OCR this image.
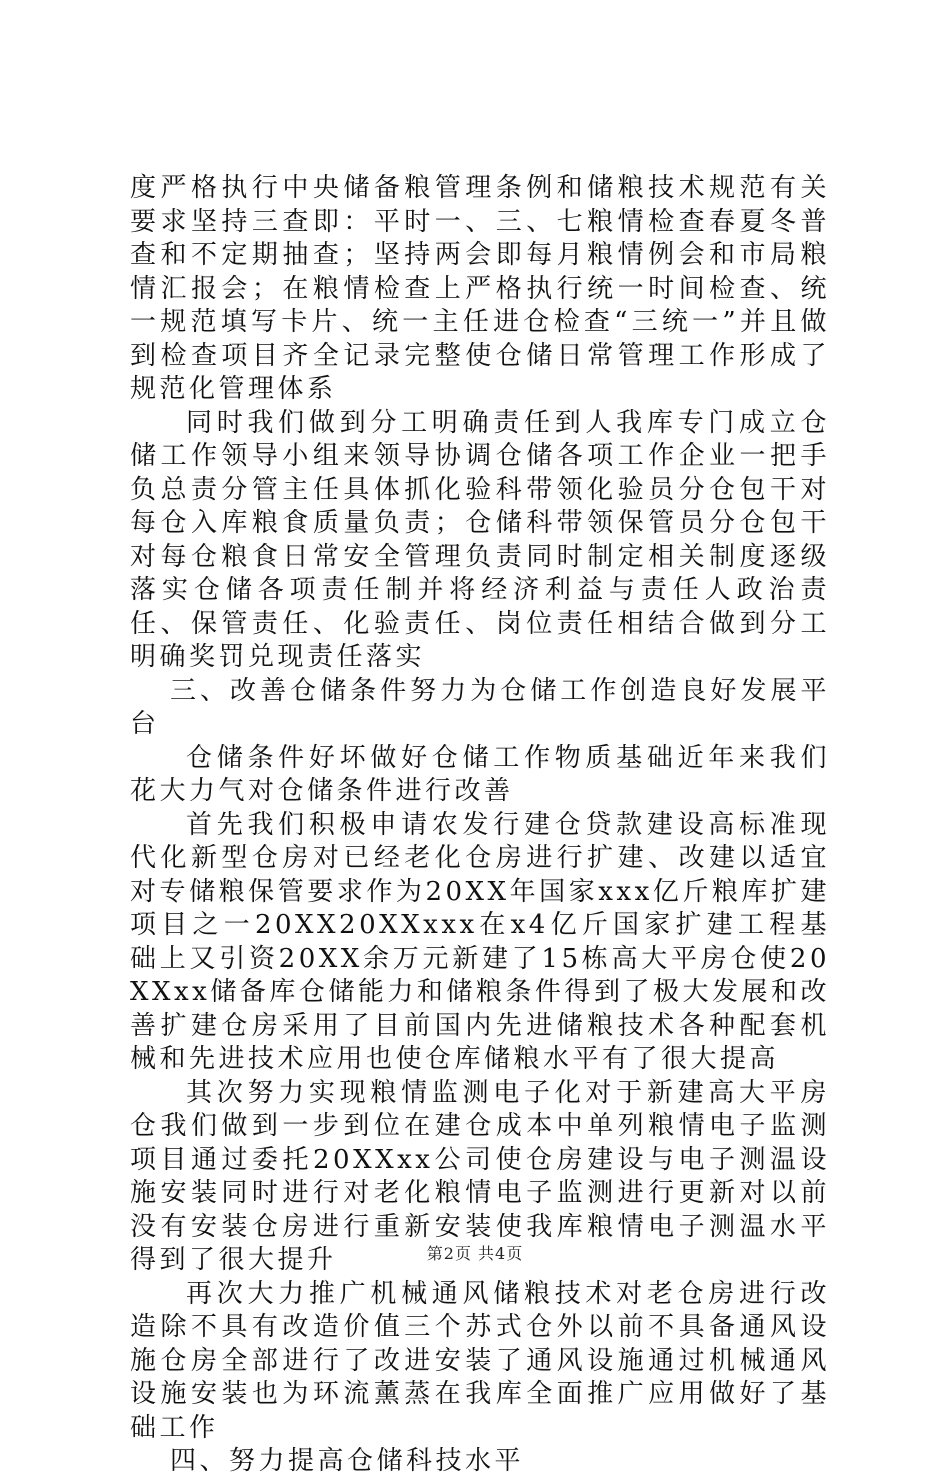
度严格执行中央储备粮管理条例和储粮技术规范有关要求坚持三查即：平时一、三、七粮情检查春夏冬普查和不定期抽查；坚持两会即每月粮情例会和市局粮情汇报会；在粮情检查上严格执行统一时间检查、统一规范填写卡片、统一主任进仓检查“三统一”并且做到检查项目齐全记录完整使仓储日常管理工作形成了规范化管理体系

同时我们做到分工明确责任到人我库专门成立仓储工作领导小组来领导协调仓储各项工作企业一把手负总责分管主任具体抓化验科带领化验员分仓包干对每仓入库粮食质量负责；仓储科带领保管员分仓包干对每仓粮食日常安全管理负责同时制定相关制度逐级落实仓储各项责任制并将经济利益与责任人政治责任、保管责任、化验责任、岗位责任相结合做到分工明确奖罚兑现责任落实

三、改善仓储条件努力为仓储工作创造良好发展平台

仓储条件好坏做好仓储工作物质基础近年来我们花大力气对仓储条件进行改善

首先我们积极申请农发行建仓贷款建设高标准现代化新型仓房对已经老化仓房进行扩建、改建以适宜对专储粮保管要求作为20XX年国家xxx亿斤粮库扩建项目之一20XX20XXxxx在x4亿斤国家扩建工程基础上又引资20XX余万元新建了15栋高大平房仓使20XXxx储备库仓储能力和储粮条件得到了极大发展和改善扩建仓房采用了目前国内先进储粮技术各种配套机械和先进技术应用也使仓库储粮水平有了很大提高

其次努力实现粮情监测电子化对于新建高大平房仓我们做到一步到位在建仓成本中单列粮情电子监测项目通过委托20XXxx公司使仓房建设与电子测温设施安装同时进行对老化粮情电子监测进行更新对以前没有安装仓房进行重新安装使我库粮情电子测温水平得到了很大提升

再次大力推广机械通风储粮技术对老仓房进行改造除不具有改造价值三个苏式仓外以前不具备通风设施仓房全部进行了改进安装了通风设施通过机械通风设施安装也为环流薰蒸在我库全面推广应用做好了基础工作

四、努力提高仓储科技水平

第2页 共4页
